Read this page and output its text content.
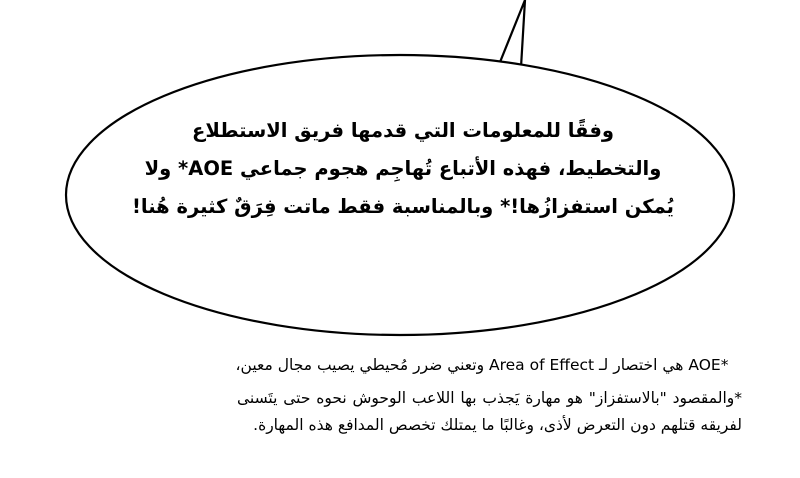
وفقًا للمعلومات التي قدمها فريق الاستطلاع
والتخطيط، فهذه الأتباع تُهاجِم هجوم جماعي AOE* ولا
يُمكن استفزازُها!* وبالمناسبة فقط ماتت فِرَقٌ كثيرة هُنا!
*AOE هي اختصار لـ Area of Effect وتعني ضرر مُحيطي يصيب مجال معين،
*والمقصود "بالاستفزاز" هو مهارة يَجذب بها اللاعب الوحوش نحوه حتى يتَسنى لفريقه قتلهم دون التعرض لأذى، وغالبًا ما يمتلك تخصص المدافع هذه المهارة.
